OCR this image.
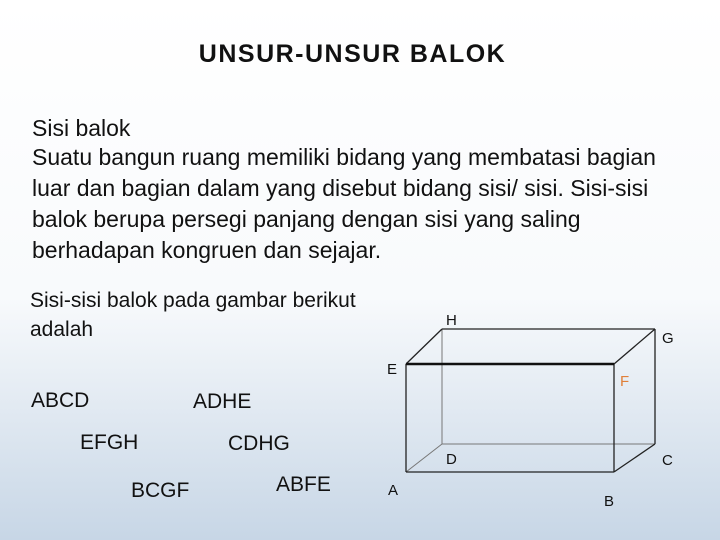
UNSUR-UNSUR BALOK
Sisi balok
Suatu bangun ruang memiliki bidang yang membatasi bagian luar dan bagian dalam yang disebut bidang sisi/ sisi. Sisi-sisi balok berupa persegi panjang dengan sisi yang saling berhadapan kongruen dan sejajar.
Sisi-sisi balok pada gambar berikut adalah
ABCD	ADHE
EFGH	CDHG
BCGF	ABFE
H
G
E
F
D	C
A
B
